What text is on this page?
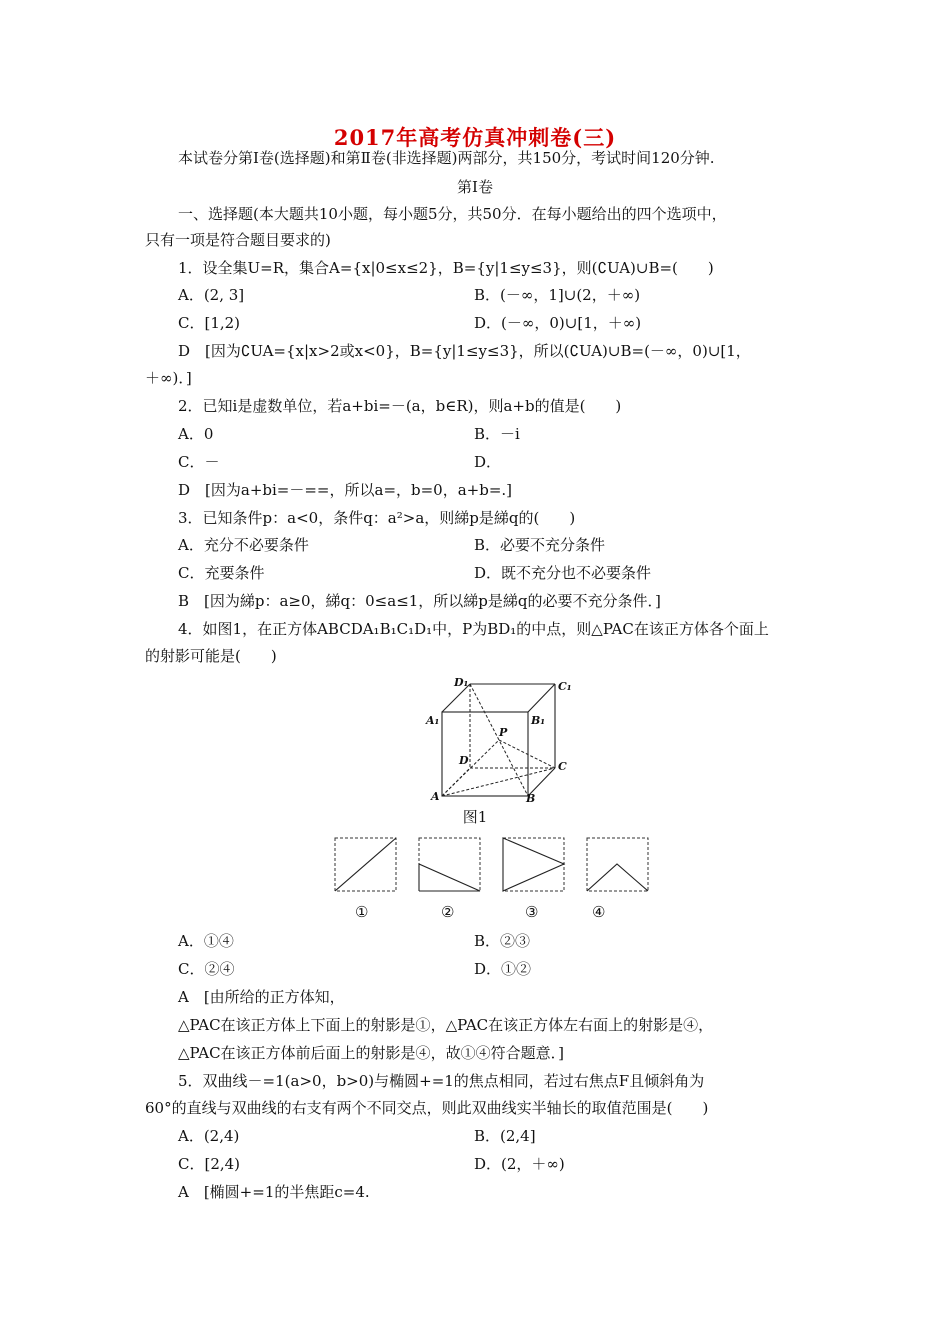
2017年高考仿真冲刺卷(三)
本试卷分第Ⅰ卷(选择题)和第Ⅱ卷(非选择题)两部分，共150分，考试时间120分钟.
第Ⅰ卷
一、选择题(本大题共10小题，每小题5分，共50分．在每小题给出的四个选项中，
只有一项是符合题目要求的)
1．设全集U=R，集合A={x|0≤x≤2}，B={y|1≤y≤3}，则(∁UA)∪B=(　　)
A．(2, 3]	B．(－∞，1]∪(2，＋∞)
C．[1,2)	D．(－∞，0)∪[1，＋∞)
D　[因为∁UA={x|x>2或x<0}，B={y|1≤y≤3}，所以(∁UA)∪B=(－∞，0)∪[1，
＋∞)．]
2．已知i是虚数单位，若a+bi=－(a，b∈R)，则a+b的值是(　　)
A．0	B．－i
C．－	D．
D　[因为a+bi=－==，所以a=，b=0，a+b=.]
3．已知条件p：a<0，条件q：a²>a，则綈p是綈q的(　　)
A．充分不必要条件	B．必要不充分条件
C．充要条件	D．既不充分也不必要条件
B　[因为綈p：a≥0，綈q：0≤a≤1，所以綈p是綈q的必要不充分条件．]
4．如图1，在正方体ABCDA₁B₁C₁D₁中，P为BD₁的中点，则△PAC在该正方体各个面上
的射影可能是(　　)
D₁	C₁
A₁	B₁
P
D	C
A	B
图1
①	②	③	④
A．①④	B．②③
C．②④	D．①②
A　[由所给的正方体知，
△PAC在该正方体上下面上的射影是①，△PAC在该正方体左右面上的射影是④，
△PAC在该正方体前后面上的射影是④，故①④符合题意．]
5．双曲线－=1(a>0，b>0)与椭圆+=1的焦点相同，若过右焦点F且倾斜角为
60°的直线与双曲线的右支有两个不同交点，则此双曲线实半轴长的取值范围是(　　)
A．(2,4)	B．(2,4]
C．[2,4)	D．(2，＋∞)
A　[椭圆+=1的半焦距c=4.
